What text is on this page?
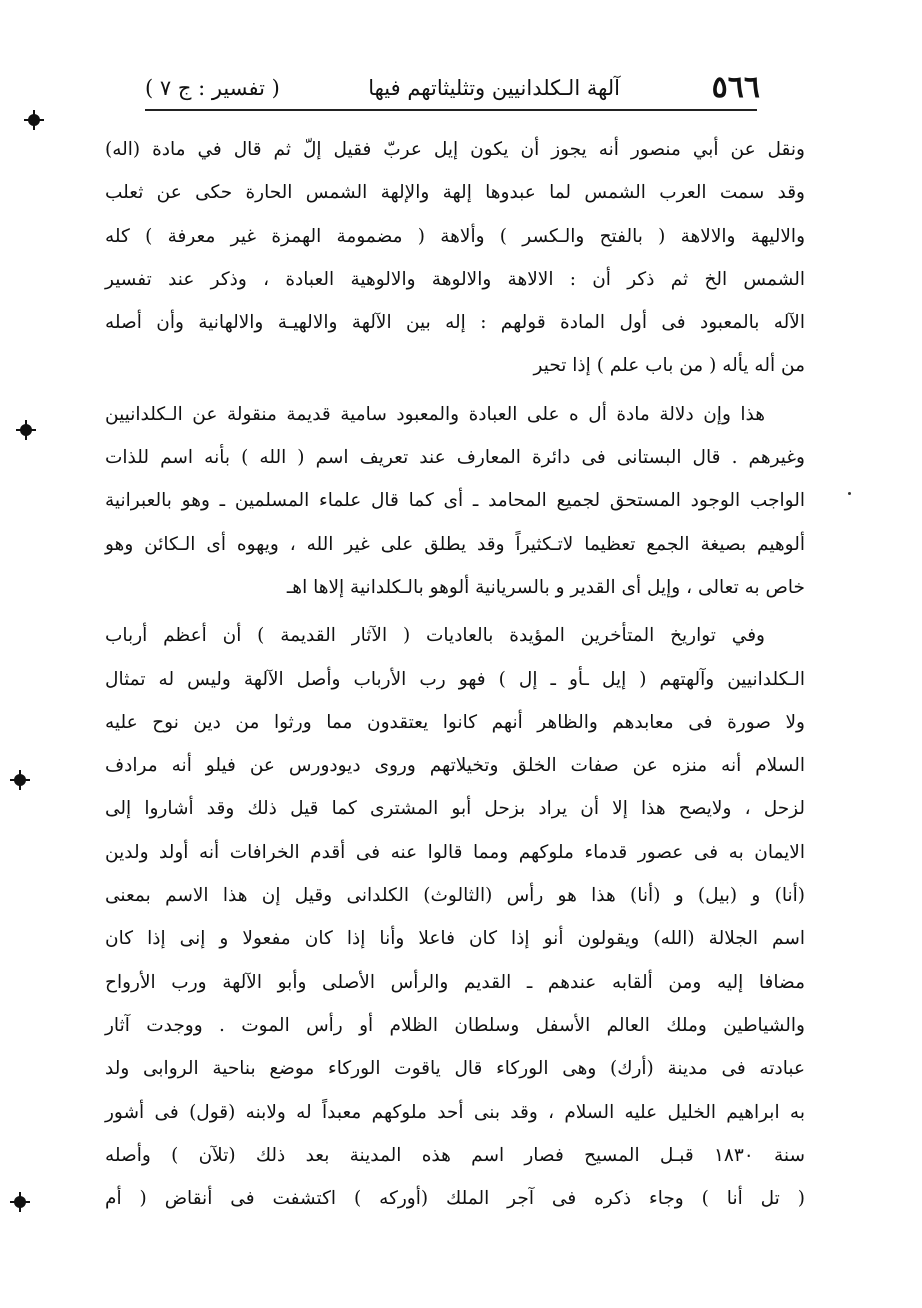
٥٦٦
آلهة الـكلدانيين وتثليثاتهم فيها
( تفسير : ج ٧ )
ونقل عن أبي منصور أنه يجوز أن يكون إيل عربّ فقيل إلّ ثم قال في مادة (اله)
وقد سمت العرب الشمس لما عبدوها إلهة والإلهة الشمس الحارة حكى عن ثعلب
والاليهة والالاهة ( بالفتح والـكسر ) وألاهة ( مضمومة الهمزة غير معرفة ) كله
الشمس الخ ثم ذكر أن : الالاهة والالوهة والالوهية العبادة ، وذكر عند تفسير
الآله بالمعبود فى أول المادة قولهم : إله بين الآلهة والالهيـة والالهانية وأن أصله
من أله يأله ( من باب علم ) إذا تحير
هذا وإن دلالة مادة أل ه على العبادة والمعبود سامية قديمة منقولة عن الـكلدانيين
وغيرهم . قال البستانى فى دائرة المعارف عند تعريف اسم ( الله ) بأنه اسم للذات
الواجب الوجود المستحق لجميع المحامد ـ أى كما قال علماء المسلمين ـ وهو بالعبرانية
ألوهيم بصيغة الجمع تعظيما لاتـكثيراً وقد يطلق على غير الله ، ويهوه أى الـكائن وهو
خاص به تعالى ، وإيل أى القدير و بالسريانية ألوهو بالـكلدانية إلاها اهـ
وفي تواريخ المتأخرين المؤيدة بالعاديات ( الآثار القديمة ) أن أعظم أرباب
الـكلدانيين وآلهتهم ( إيل ـأو ـ إل ) فهو رب الأرباب وأصل الآلهة وليس له تمثال
ولا صورة فى معابدهم والظاهر أنهم كانوا يعتقدون مما ورثوا من دين نوح عليه
السلام أنه منزه عن صفات الخلق وتخيلاتهم وروى ديودورس عن فيلو أنه مرادف
لزحل ، ولايصح هذا إلا أن يراد بزحل أبو المشترى كما قيل ذلك وقد أشاروا إلى
الايمان به فى عصور قدماء ملوكهم ومما قالوا عنه فى أقدم الخرافات أنه أولد ولدين
(أنا) و (بيل) و (أنا) هذا هو رأس (الثالوث) الكلدانى وقيل إن هذا الاسم بمعنى
اسم الجلالة (الله) ويقولون أنو إذا كان فاعلا وأنا إذا كان مفعولا و إنى إذا كان
مضافا إليه ومن ألقابه عندهم ـ القديم والرأس الأصلى وأبو الآلهة ورب الأرواح
والشياطين وملك العالم الأسفل وسلطان الظلام أو رأس الموت . ووجدت آثار
عبادته فى مدينة (أرك) وهى الوركاء قال ياقوت الوركاء موضع بناحية الروابى ولد
به ابراهيم الخليل عليه السلام ، وقد بنى أحد ملوكهم معبداً له ولابنه (قول) فى أشور
سنة ١٨٣٠ قبـل المسيح فصار اسم هذه المدينة بعد ذلك (تلآن ) وأصله
( تل أنا ) وجاء ذكره فى آجر الملك (أوركه ) اكتشفت فى أنقاض ( أم
